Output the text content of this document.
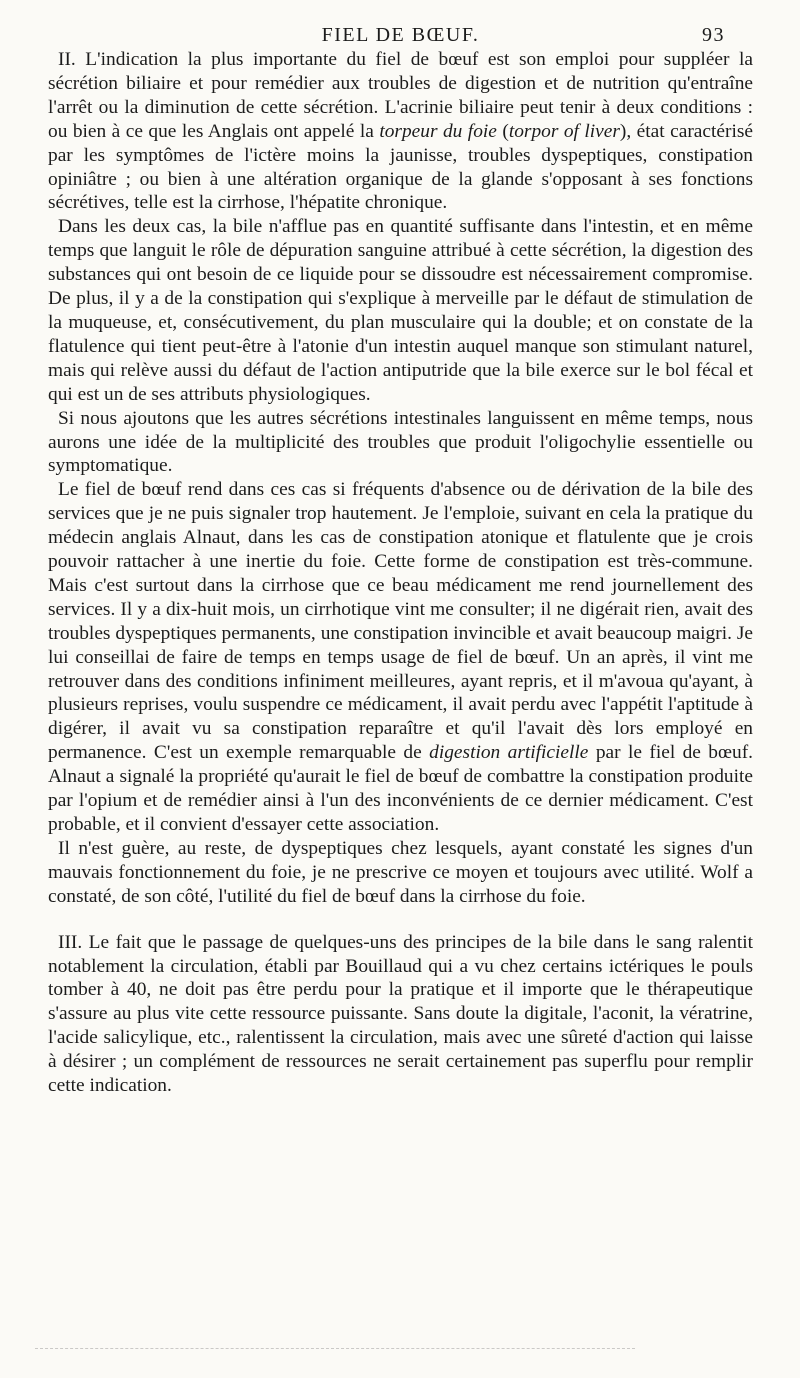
FIEL DE BŒUF.	93

II. L'indication la plus importante du fiel de bœuf est son emploi pour suppléer la sécrétion biliaire et pour remédier aux troubles de digestion et de nutrition qu'entraîne l'arrêt ou la diminution de cette sécrétion. L'acrinie biliaire peut tenir à deux conditions : ou bien à ce que les Anglais ont appelé la torpeur du foie (torpor of liver), état caractérisé par les symptômes de l'ictère moins la jaunisse, troubles dyspeptiques, constipation opiniâtre ; ou bien à une altération organique de la glande s'opposant à ses fonctions sécrétives, telle est la cirrhose, l'hépatite chronique.

Dans les deux cas, la bile n'afflue pas en quantité suffisante dans l'intestin, et en même temps que languit le rôle de dépuration sanguine attribué à cette sécrétion, la digestion des substances qui ont besoin de ce liquide pour se dissoudre est nécessairement compromise. De plus, il y a de la constipation qui s'explique à merveille par le défaut de stimulation de la muqueuse, et, consécutivement, du plan musculaire qui la double; et on constate de la flatulence qui tient peut-être à l'atonie d'un intestin auquel manque son stimulant naturel, mais qui relève aussi du défaut de l'action antiputride que la bile exerce sur le bol fécal et qui est un de ses attributs physiologiques.

Si nous ajoutons que les autres sécrétions intestinales languissent en même temps, nous aurons une idée de la multiplicité des troubles que produit l'oligochylie essentielle ou symptomatique.

Le fiel de bœuf rend dans ces cas si fréquents d'absence ou de dérivation de la bile des services que je ne puis signaler trop hautement. Je l'emploie, suivant en cela la pratique du médecin anglais Alnaut, dans les cas de constipation atonique et flatulente que je crois pouvoir rattacher à une inertie du foie. Cette forme de constipation est très-commune. Mais c'est surtout dans la cirrhose que ce beau médicament me rend journellement des services. Il y a dix-huit mois, un cirrhotique vint me consulter; il ne digérait rien, avait des troubles dyspeptiques permanents, une constipation invincible et avait beaucoup maigri. Je lui conseillai de faire de temps en temps usage de fiel de bœuf. Un an après, il vint me retrouver dans des conditions infiniment meilleures, ayant repris, et il m'avoua qu'ayant, à plusieurs reprises, voulu suspendre ce médicament, il avait perdu avec l'appétit l'aptitude à digérer, il avait vu sa constipation reparaître et qu'il l'avait dès lors employé en permanence. C'est un exemple remarquable de digestion artificielle par le fiel de bœuf. Alnaut a signalé la propriété qu'aurait le fiel de bœuf de combattre la constipation produite par l'opium et de remédier ainsi à l'un des inconvénients de ce dernier médicament. C'est probable, et il convient d'essayer cette association.

Il n'est guère, au reste, de dyspeptiques chez lesquels, ayant constaté les signes d'un mauvais fonctionnement du foie, je ne prescrive ce moyen et toujours avec utilité. Wolf a constaté, de son côté, l'utilité du fiel de bœuf dans la cirrhose du foie.

III. Le fait que le passage de quelques-uns des principes de la bile dans le sang ralentit notablement la circulation, établi par Bouillaud qui a vu chez certains ictériques le pouls tomber à 40, ne doit pas être perdu pour la pratique et il importe que le thérapeutique s'assure au plus vite cette ressource puissante. Sans doute la digitale, l'aconit, la vératrine, l'acide salicylique, etc., ralentissent la circulation, mais avec une sûreté d'action qui laisse à désirer ; un complément de ressources ne serait certainement pas superflu pour remplir cette indication.
